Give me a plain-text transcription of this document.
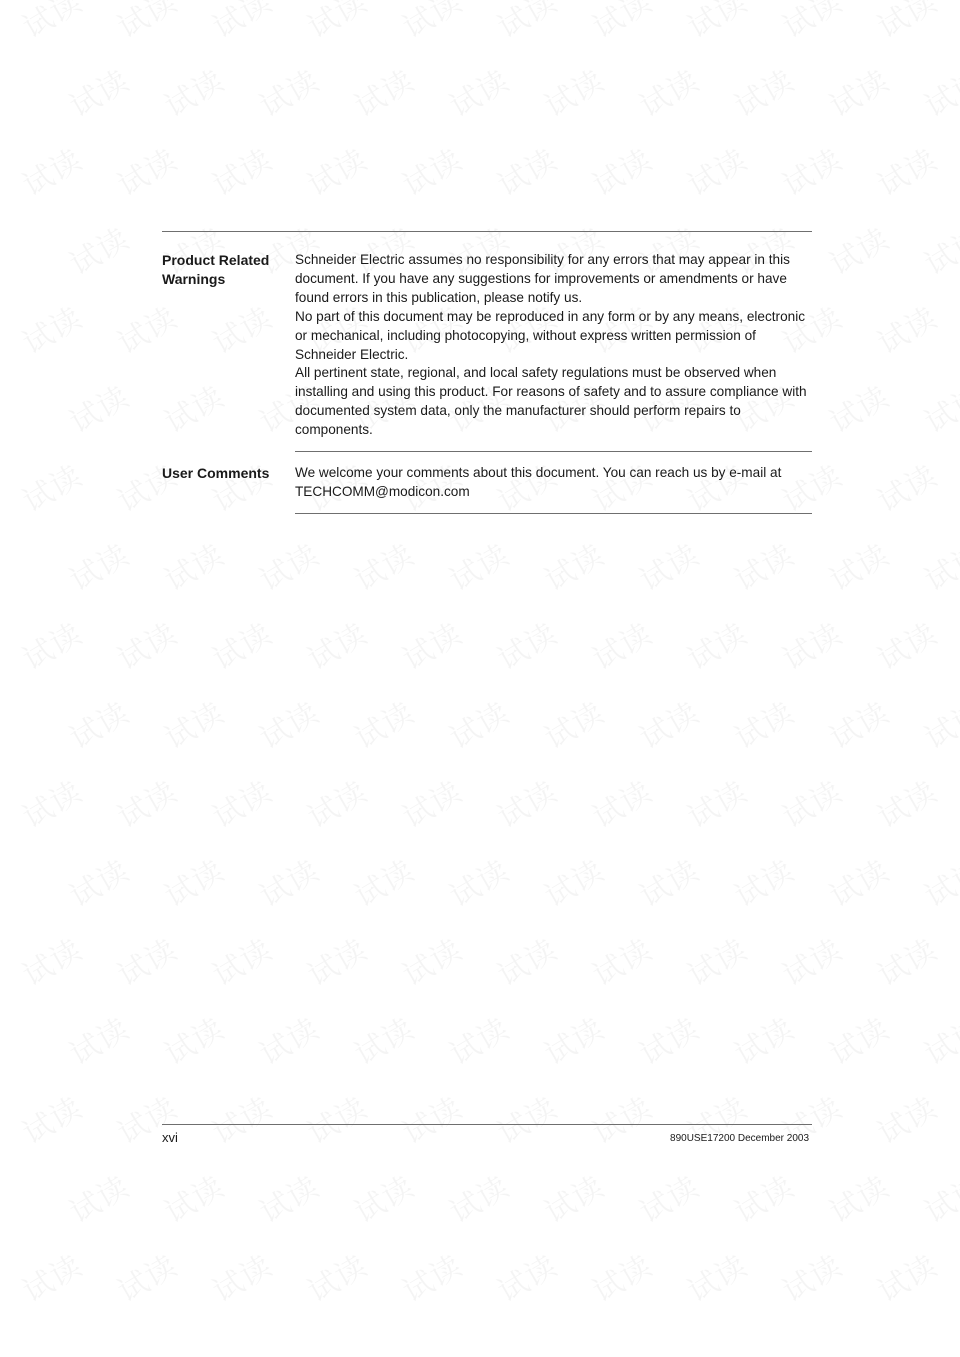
Product Related Warnings

Schneider Electric assumes no responsibility for any errors that may appear in this document. If you have any suggestions for improvements or amendments or have found errors in this publication, please notify us.

No part of this document may be reproduced in any form or by any means, electronic or mechanical, including photocopying, without express written permission of Schneider Electric.

All pertinent state, regional, and local safety regulations must be observed when installing and using this product. For reasons of safety and to assure compliance with documented system data, only the manufacturer should perform repairs to components.

User Comments	We welcome your comments about this document. You can reach us by e-mail at TECHCOMM@modicon.com

xvi	890USE17200 December 2003
